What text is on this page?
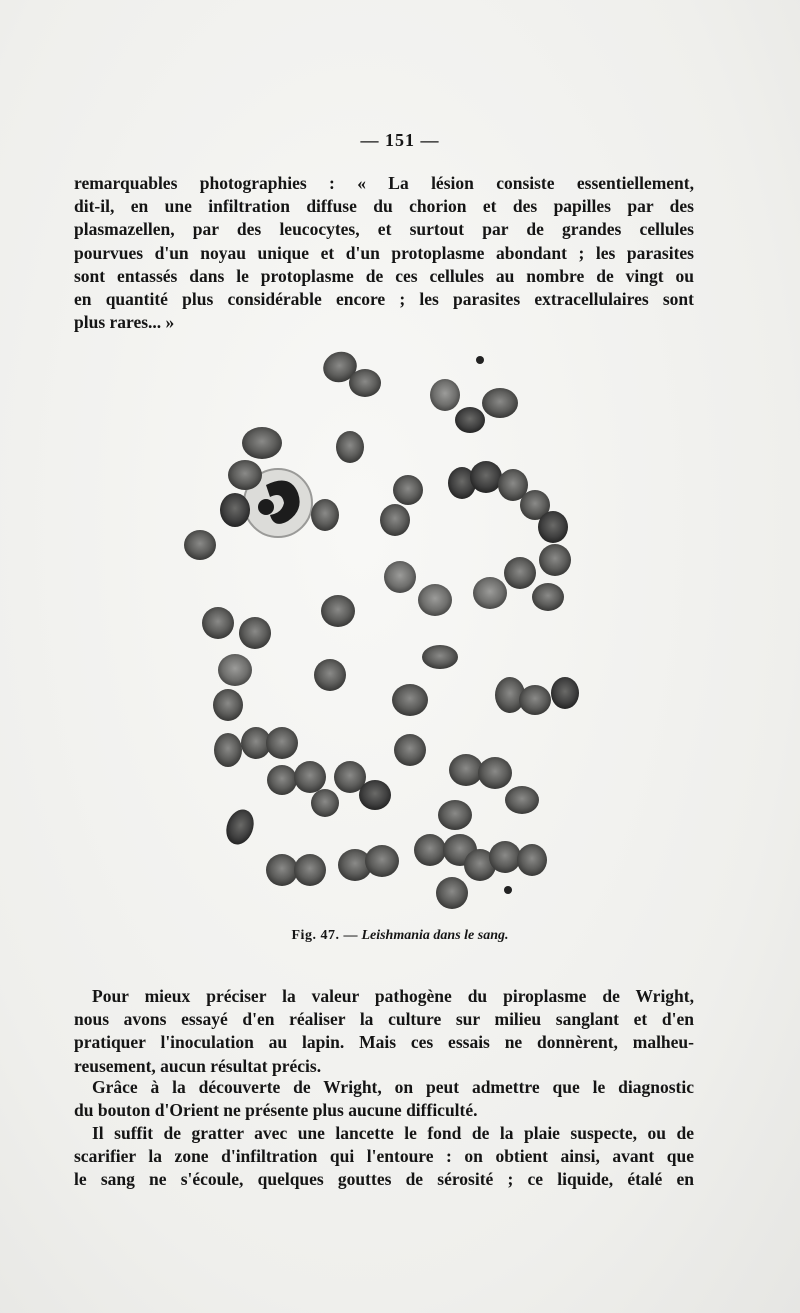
— 151 —
remarquables photographies : « La lésion consiste essentiellement,
dit-il, en une infiltration diffuse du chorion et des papilles par des
plasmazellen, par des leucocytes, et surtout par de grandes cellules
pourvues d'un noyau unique et d'un protoplasme abondant ; les parasites
sont entassés dans le protoplasme de ces cellules au nombre de vingt ou
en quantité plus considérable encore ; les parasites extracellulaires sont
plus rares... »
Fig. 47. — Leishmania dans le sang.
Pour mieux préciser la valeur pathogène du piroplasme de Wright,
nous avons essayé d'en réaliser la culture sur milieu sanglant et d'en
pratiquer l'inoculation au lapin. Mais ces essais ne donnèrent, malheu-
reusement, aucun résultat précis.
Grâce à la découverte de Wright, on peut admettre que le diagnostic
du bouton d'Orient ne présente plus aucune difficulté.
Il suffit de gratter avec une lancette le fond de la plaie suspecte, ou de
scarifier la zone d'infiltration qui l'entoure : on obtient ainsi, avant que
le sang ne s'écoule, quelques gouttes de sérosité ; ce liquide, étalé en
